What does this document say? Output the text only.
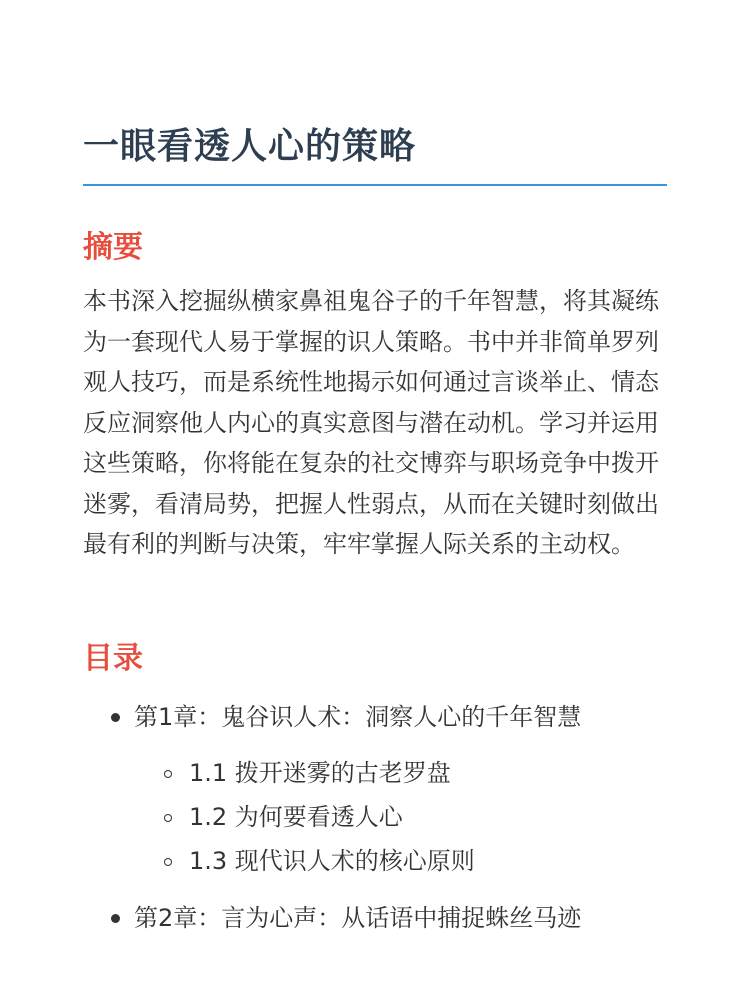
一眼看透人心的策略
摘要

本书深入挖掘纵横家鼻祖鬼谷子的千年智慧，将其凝练为一套现代人易于掌握的识人策略。书中并非简单罗列观人技巧，而是系统性地揭示如何通过言谈举止、情态反应洞察他人内心的真实意图与潜在动机。学习并运用这些策略，你将能在复杂的社交博弈与职场竞争中拨开迷雾，看清局势，把握人性弱点，从而在关键时刻做出最有利的判断与决策，牢牢掌握人际关系的主动权。

目录
第1章：鬼谷识人术：洞察人心的千年智慧
1.1 拨开迷雾的古老罗盘
1.2 为何要看透人心
1.3 现代识人术的核心原则
第2章：言为心声：从话语中捕捉蛛丝马迹
